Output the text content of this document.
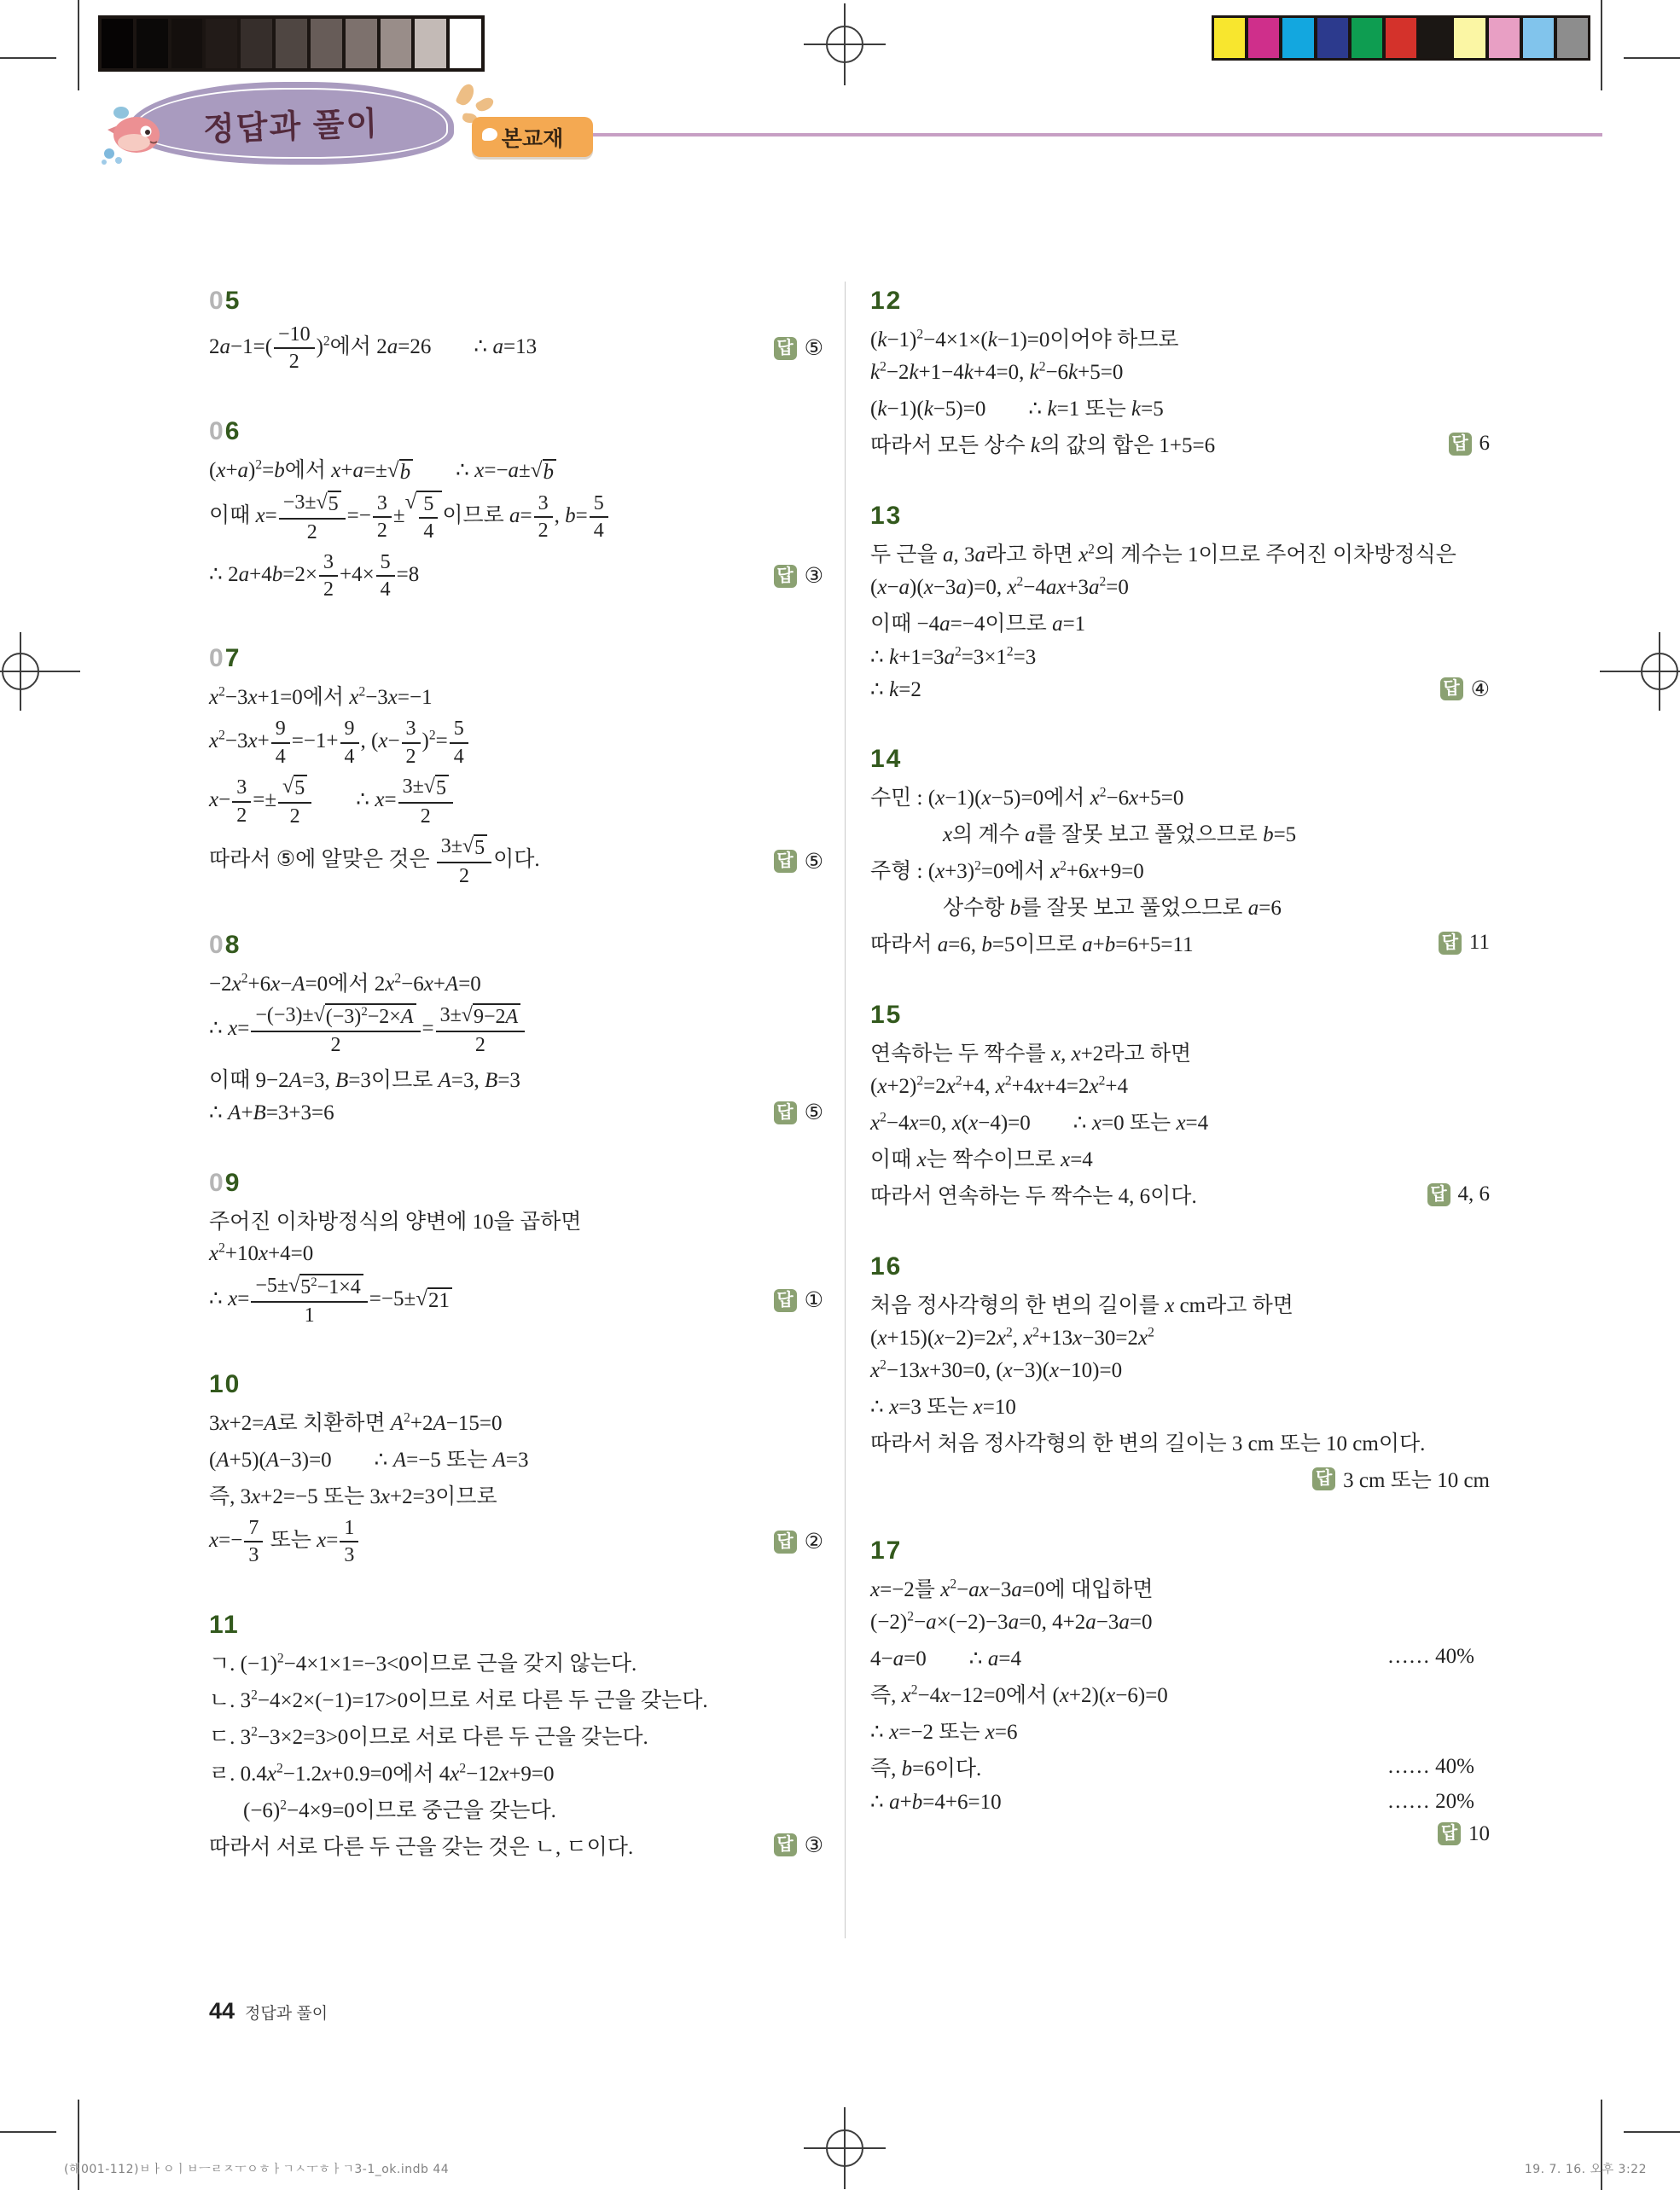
정답과 풀이	본교재
05
$2a-1=( \frac{-10}{2} )^2$에서 2a=26　　∴ a=13	답 ⑤
06
$(x+a)^2=b$에서 x+a=±√ b 　　∴ x=−a±√ b
이때 $x= \frac{-3\pm√ 5}{2} =- \frac{3}{2}$ ±√ $\frac{5}{4}$ 이므로 $a= \frac{3}{2}$ , $b= \frac{5}{4}$
∴ $2a+4b=2\times \frac{3}{2} +4\times \frac{5}{4} =8$	답 ③
07
$x^2-3x+1=0$에서 $x^2-3x=-1$
$x^2-3x+ \frac{9}{4} =-1+ \frac{9}{4}$ , $(x- \frac{3}{2} )^2= \frac{5}{4}$
$x- \frac{3}{2} =\pm \frac{√ 5}{2}$ 　　∴ $x= \frac{3\pm√ 5}{2}$
따라서 ⑤에 알맞은 것은 $\frac{3\pm√ 5}{2}$ 이다.	답 ⑤
08
$-2x^2+6x-A=0$에서 $2x^2-6x+A=0$
∴ $x= \frac{-(-3)\pm√ (-3)^2-2\times A}{2} = \frac{3\pm√ 9-2A}{2}$
이때 9−2A=3, B=3이므로 A=3, B=3
∴ A+B=3+3=6	답 ⑤
09
주어진 이차방정식의 양변에 10을 곱하면
$x^2+10x+4=0$
∴ $x= \frac{-5\pm√ 5^2-1\times 4}{1} =-5\pm√$ 21	답 ①
10
3x+2=A로 치환하면 $A^2+2A-15=0$
(A+5)(A−3)=0　　∴ A=−5 또는 A=3
즉, 3x+2=−5 또는 3x+2=3이므로
$x=- \frac{7}{3}$ 또는 $x= \frac{1}{3}$	답 ②
11
ㄱ. $(-1)^2-4\times 1\times 1=-3<0$이므로 근을 갖지 않는다.
ㄴ. $3^2-4\times 2\times(-1)=17>0$이므로 서로 다른 두 근을 갖는다.
ㄷ. $3^2-3\times 2=3>0$이므로 서로 다른 두 근을 갖는다.
ㄹ. $0.4x^2-1.2x+0.9=0$에서 $4x^2-12x+9=0$
$(-6)^2-4\times 9=0$이므로 중근을 갖는다.
따라서 서로 다른 두 근을 갖는 것은 ㄴ, ㄷ이다.	답 ③
12
$(k-1)^2-4\times 1\times(k-1)=0$이어야 하므로
$k^2-2k+1-4k+4=0$, $k^2-6k+5=0$
(k−1)(k−5)=0　　∴ k=1 또는 k=5
따라서 모든 상수 k의 값의 합은 1+5=6	답 6
13
두 근을 a, 3a라고 하면 $x^2$의 계수는 1이므로 주어진 이차방정식은
(x−a)(x−3a)=0, $x^2-4ax+3a^2=0$
이때 −4a=−4이므로 a=1
∴ $k+1=3a^2=3\times 1^2=3$
∴ k=2	답 ④
14
수민 : (x−1)(x−5)=0에서 $x^2-6x+5=0$
x의 계수 a를 잘못 보고 풀었으므로 b=5
주형 : $(x+3)^2=0$에서 $x^2+6x+9=0$
상수항 b를 잘못 보고 풀었으므로 a=6
따라서 a=6, b=5이므로 a+b=6+5=11	답 11
15
연속하는 두 짝수를 x, x+2라고 하면
$(x+2)^2=2x^2+4$, $x^2+4x+4=2x^2+4$
$x^2-4x=0$, x(x−4)=0　　∴ x=0 또는 x=4
이때 x는 짝수이므로 x=4
따라서 연속하는 두 짝수는 4, 6이다.	답 4, 6
16
처음 정사각형의 한 변의 길이를 x cm라고 하면
$(x+15)(x-2)=2x^2$, $x^2+13x-30=2x^2$
$x^2-13x+30=0$, (x−3)(x−10)=0
∴ x=3 또는 x=10
따라서 처음 정사각형의 한 변의 길이는 3 cm 또는 10 cm이다.
답 3 cm 또는 10 cm
17
x=−2를 $x^2-ax-3a=0$에 대입하면
$(-2)^2-a\times(-2)-3a=0$, 4+2a−3a=0
4−a=0　　∴ a=4	…… 40%
즉, $x^2-4x-12=0$에서 (x+2)(x−6)=0
∴ x=−2 또는 x=6
즉, b=6이다.	…… 40%
∴ a+b=4+6=10	…… 20%
답 10
44 정답과 풀이
(해001-112)ㅂㅏㅇㅣㅂㅡㄹㅈㅜㅇㅎㅏㄱㅅㅜㅎㅏㄱ3-1_ok.indb 44	19. 7. 16. 오후 3:22
